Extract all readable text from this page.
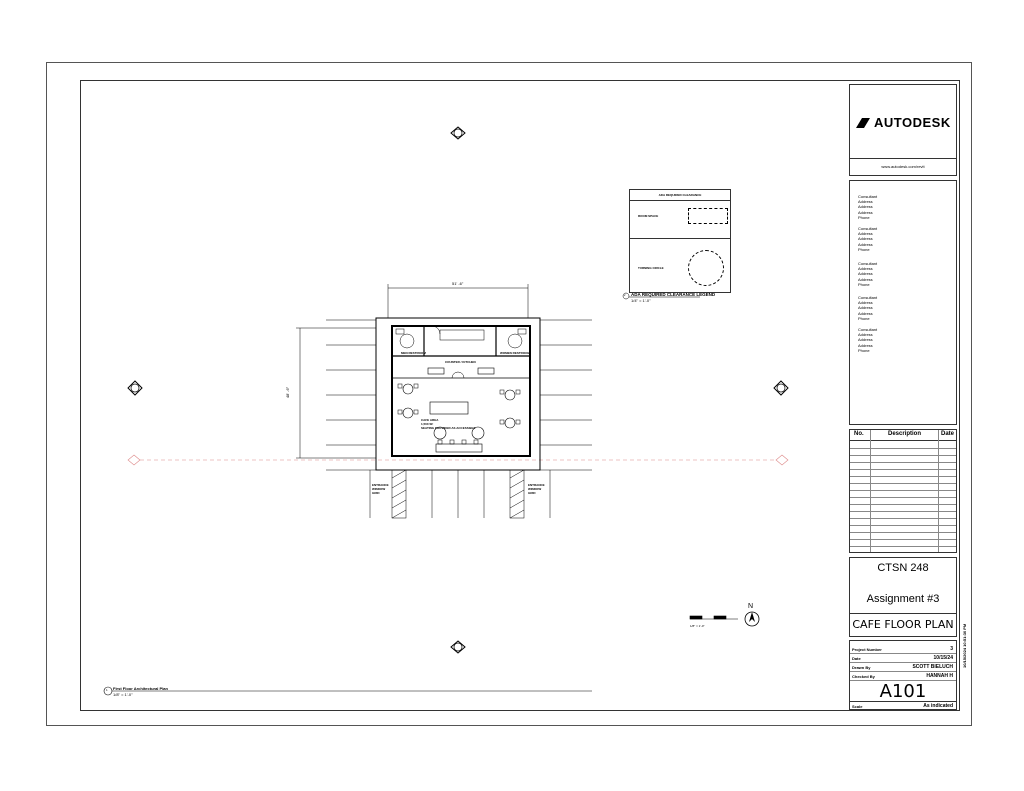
AUTODESK
www.autodesk.com/revit
Consultant
Address
Address
Address
Phone
Consultant
Address
Address
Address
Phone
Consultant
Address
Address
Address
Phone
Consultant
Address
Address
Address
Phone
Consultant
Address
Address
Address
Phone
No.	Description	Date
CTSN 248
Assignment #3
CAFE FLOOR PLAN
Project Number	3
Date	10/15/24
Drawn By	SCOTT BIELUCH
Checked By	HANNAH H
A101
Scale	As indicated
10/15/2024 10:51:30 PM
51' -6"
48' -6"
MEN RESTROOM	WOMEN RESTROOM
COUNTER / KITCHEN
CAFE AREA
1,500 SF
SEATING PROVIDED AS ACCESSIBLE
ENTRANCE WINDOW GRID
ENTRANCE WINDOW GRID
N
1/8" = 1'-0"
1 First Floor Architectural Plan
1/8" = 1'-0"
ADA REQUIRED CLEARANCE
ROOM SPACE
TURNING CIRCLE
2 ADA REQUIRED CLEARANCE LEGEND
1/4" = 1'-0"
